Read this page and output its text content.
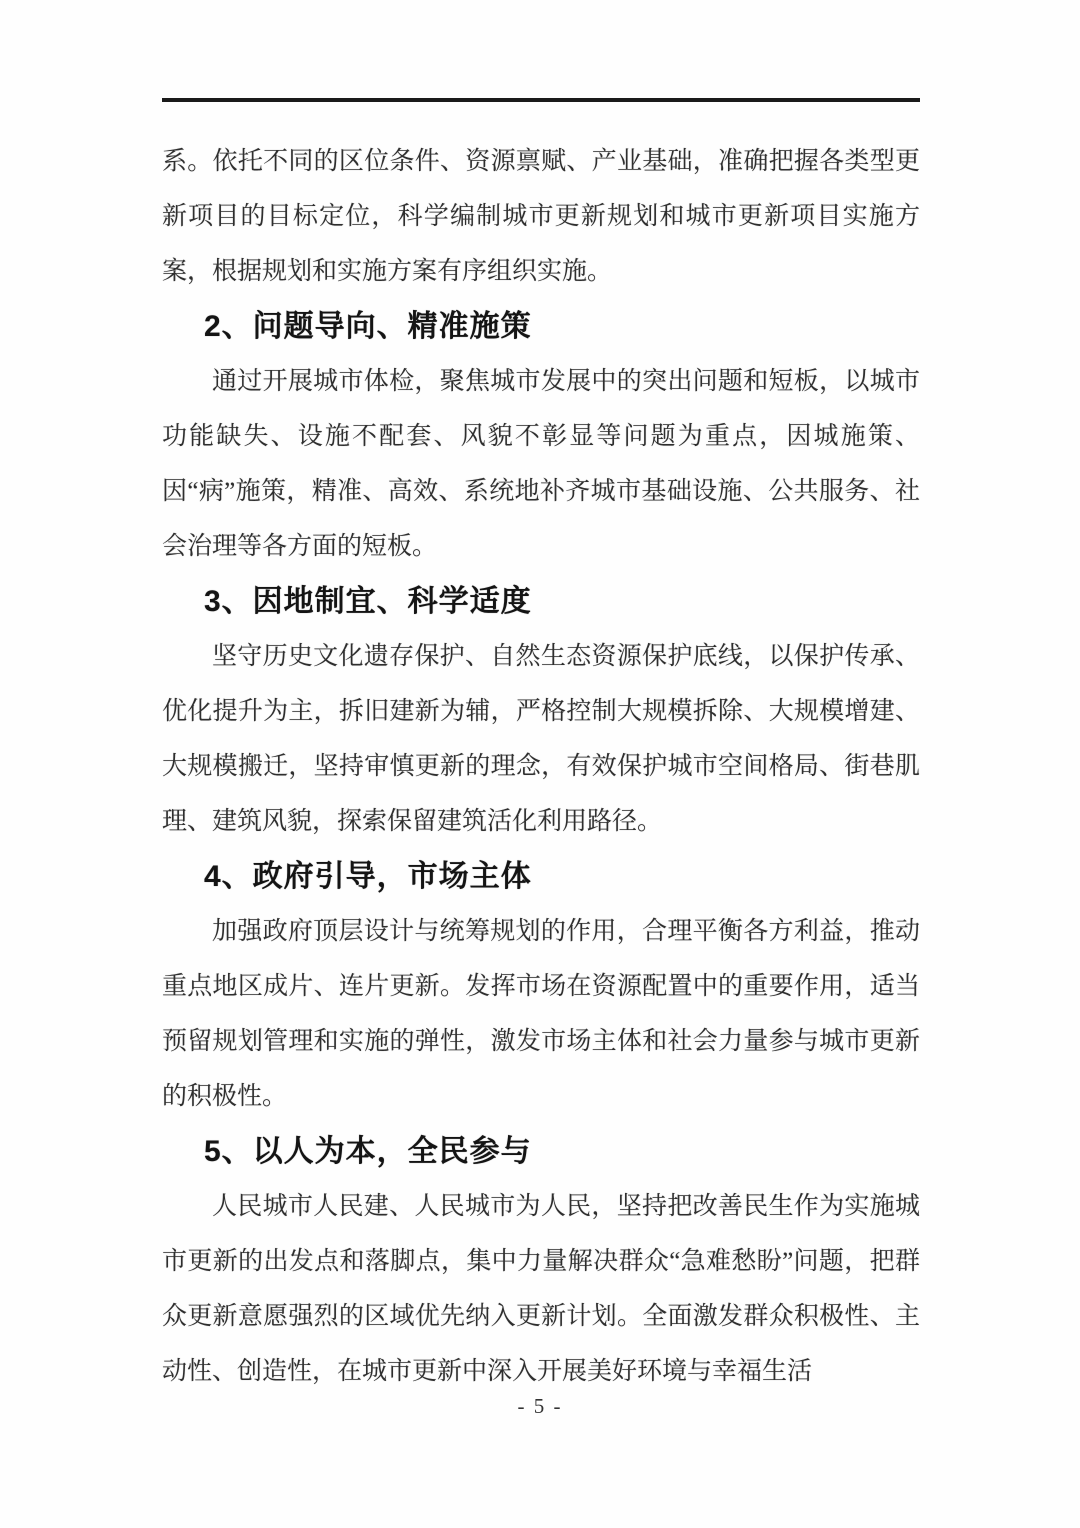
系。依托不同的区位条件、资源禀赋、产业基础，准确把握各类型更新项目的目标定位，科学编制城市更新规划和城市更新项目实施方案，根据规划和实施方案有序组织实施。

2、问题导向、精准施策

通过开展城市体检，聚焦城市发展中的突出问题和短板，以城市功能缺失、设施不配套、风貌不彰显等问题为重点，因城施策、因“病”施策，精准、高效、系统地补齐城市基础设施、公共服务、社会治理等各方面的短板。

3、因地制宜、科学适度

坚守历史文化遗存保护、自然生态资源保护底线，以保护传承、优化提升为主，拆旧建新为辅，严格控制大规模拆除、大规模增建、大规模搬迁，坚持审慎更新的理念，有效保护城市空间格局、街巷肌理、建筑风貌，探索保留建筑活化利用路径。

4、政府引导，市场主体

加强政府顶层设计与统筹规划的作用，合理平衡各方利益，推动重点地区成片、连片更新。发挥市场在资源配置中的重要作用，适当预留规划管理和实施的弹性，激发市场主体和社会力量参与城市更新的积极性。

5、以人为本，全民参与

人民城市人民建、人民城市为人民，坚持把改善民生作为实施城市更新的出发点和落脚点，集中力量解决群众“急难愁盼”问题，把群众更新意愿强烈的区域优先纳入更新计划。全面激发群众积极性、主动性、创造性，在城市更新中深入开展美好环境与幸福生活

- 5 -
